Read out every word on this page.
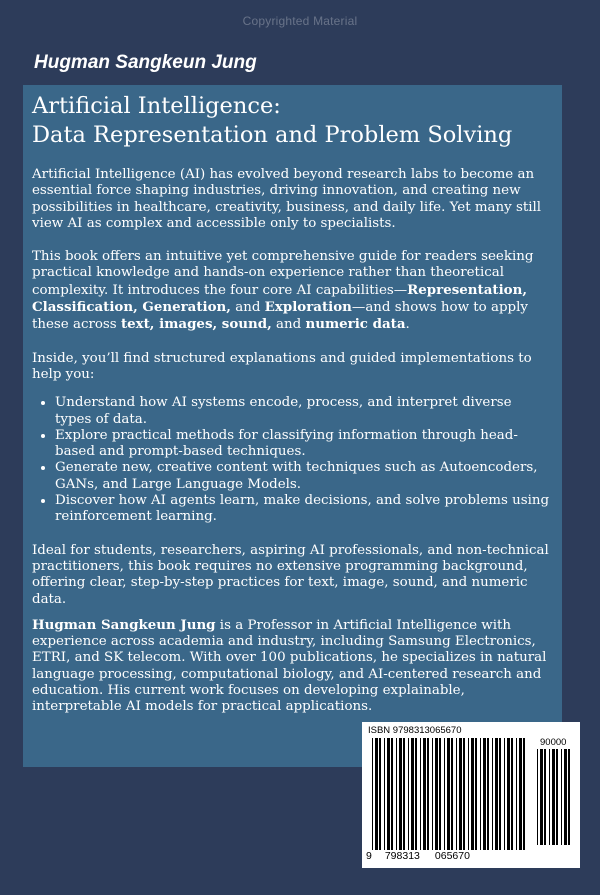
Copyrighted Material
Hugman Sangkeun Jung
Artificial Intelligence:
Data Representation and Problem Solving

Artificial Intelligence (AI) has evolved beyond research labs to become an essential force shaping industries, driving innovation, and creating new possibilities in healthcare, creativity, business, and daily life. Yet many still view AI as complex and accessible only to specialists.

This book offers an intuitive yet comprehensive guide for readers seeking practical knowledge and hands-on experience rather than theoretical complexity. It introduces the four core AI capabilities—Representation, Classification, Generation, and Exploration—and shows how to apply these across text, images, sound, and numeric data.

Inside, you’ll find structured explanations and guided implementations to help you:

• Understand how AI systems encode, process, and interpret diverse types of data.
• Explore practical methods for classifying information through head-based and prompt-based techniques.
• Generate new, creative content with techniques such as Autoencoders, GANs, and Large Language Models.
• Discover how AI agents learn, make decisions, and solve problems using reinforcement learning.

Ideal for students, researchers, aspiring AI professionals, and non-technical practitioners, this book requires no extensive programming background, offering clear, step-by-step practices for text, image, sound, and numeric data.

Hugman Sangkeun Jung is a Professor in Artificial Intelligence with experience across academia and industry, including Samsung Electronics, ETRI, and SK telecom. With over 100 publications, he specializes in natural language processing, computational biology, and AI-centered research and education. His current work focuses on developing explainable, interpretable AI models for practical applications.

ISBN 9798313065670
90000
9 798313 065670
